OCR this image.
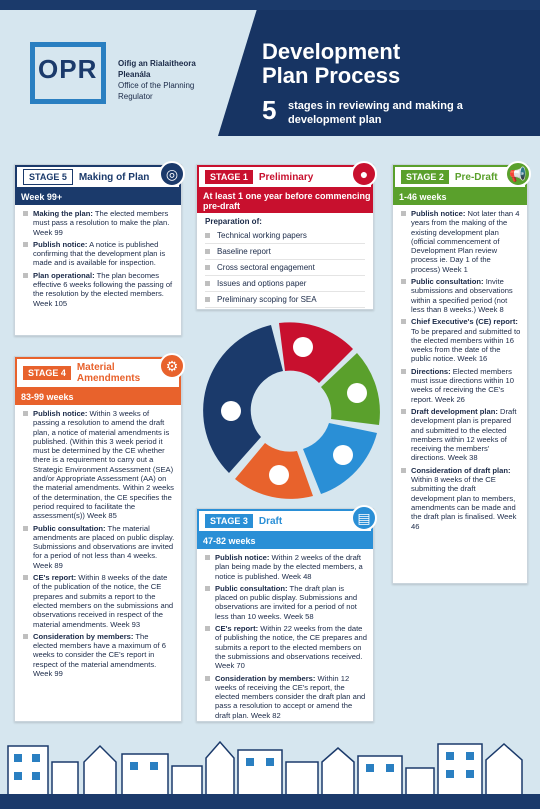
OPR	Oifig an Rialaitheora Pleanála
Office of the Planning Regulator
Development
Plan Process
5 stages in reviewing and making a development plan
STAGE 5	Making of Plan	◎
Week 99+
Making the plan: The elected members must pass a resolution to make the plan. Week 99
Publish notice: A notice is published confirming that the development plan is made and is available for inspection.
Plan operational: The plan becomes effective 6 weeks following the passing of the resolution by the elected members. Week 105
STAGE 1	Preliminary	●
At least 1 one year before commencing pre-draft
Preparation of:
Technical working papers
Baseline report
Cross sectoral engagement
Issues and options paper
Preliminary scoping for SEA
STAGE 2	Pre-Draft 📢
1-46 weeks
Publish notice: Not later than 4 years from the making of the existing development plan (official commencement of Development Plan review process ie. Day 1 of the process) Week 1
Public consultation: Invite submissions and observations within a specified period (not less than 8 weeks.) Week 8
Chief Executive's (CE) report: To be prepared and submitted to the elected members within 16 weeks from the date of the public notice. Week 16
Directions: Elected members must issue directions within 10 weeks of receiving the CE's report. Week 26
Draft development plan: Draft development plan is prepared and submitted to the elected members within 12 weeks of receiving the members' directions. Week 38
Consideration of draft plan: Within 8 weeks of the CE submitting the draft development plan to members, amendments can be made and the draft plan is finalised. Week 46
STAGE 4	Material Amendments
⚙
83-99 weeks
Publish notice: Within 3 weeks of passing a resolution to amend the draft plan, a notice of material amendments is published. (Within this 3 week period it must be determined by the CE whether there is a requirement to carry out a Strategic Environment Assessment (SEA) and/or Appropriate Assessment (AA) on the material amendments. Within 2 weeks of the determination, the CE specifies the period required to facilitate the assessment(s)) Week 85
Public consultation: The material amendments are placed on public display. Submissions and observations are invited for a period of not less than 4 weeks. Week 89
CE's report: Within 8 weeks of the date of the publication of the notice, the CE prepares and submits a report to the elected members on the submissions and observations received in respect of the material amendments. Week 93
Consideration by members: The elected members have a maximum of 6 weeks to consider the CE's report in respect of the material amendments. Week 99
STAGE 3	Draft	▤
47-82 weeks
Publish notice: Within 2 weeks of the draft plan being made by the elected members, a notice is published. Week 48
Public consultation: The draft plan is placed on public display. Submissions and observations are invited for a period of not less than 10 weeks. Week 58
CE's report: Within 22 weeks from the date of publishing the notice, the CE prepares and submits a report to the elected members on the submissions and observations received. Week 70
Consideration by members: Within 12 weeks of receiving the CE's report, the elected members consider the draft plan and pass a resolution to accept or amend the draft plan. Week 82
